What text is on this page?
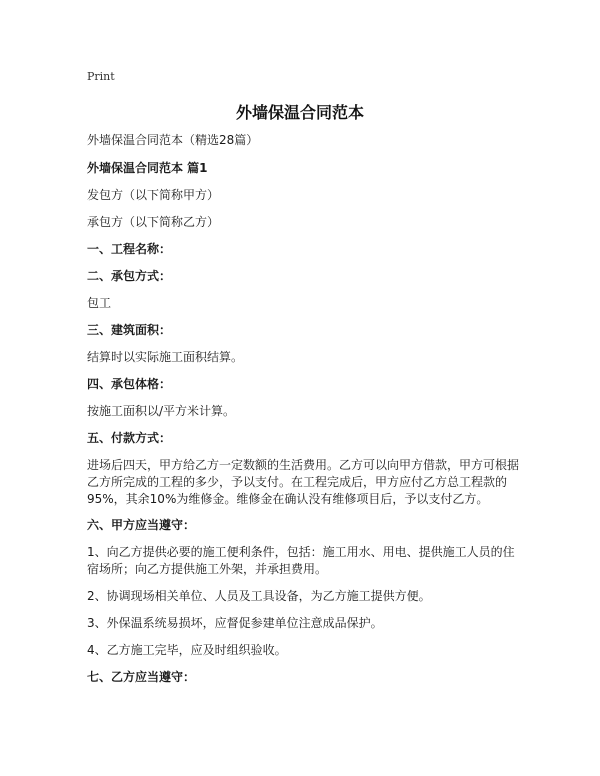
Print
外墙保温合同范本
外墙保温合同范本（精选28篇）
外墙保温合同范本 篇1
发包方（以下简称甲方）
承包方（以下简称乙方）
一、工程名称：
二、承包方式：
包工
三、建筑面积：
结算时以实际施工面积结算。
四、承包体格：
按施工面积以/平方米计算。
五、付款方式：
进场后四天，甲方给乙方一定数额的生活费用。乙方可以向甲方借款，甲方可根据
乙方所完成的工程的多少，予以支付。在工程完成后，甲方应付乙方总工程款的
95%，其余10%为维修金。维修金在确认没有维修项目后，予以支付乙方。
六、甲方应当遵守：
1、向乙方提供必要的施工便利条件，包括：施工用水、用电、提供施工人员的住
宿场所；向乙方提供施工外架，并承担费用。
2、协调现场相关单位、人员及工具设备，为乙方施工提供方便。
3、外保温系统易损坏，应督促参建单位注意成品保护。
4、乙方施工完毕，应及时组织验收。
七、乙方应当遵守：
